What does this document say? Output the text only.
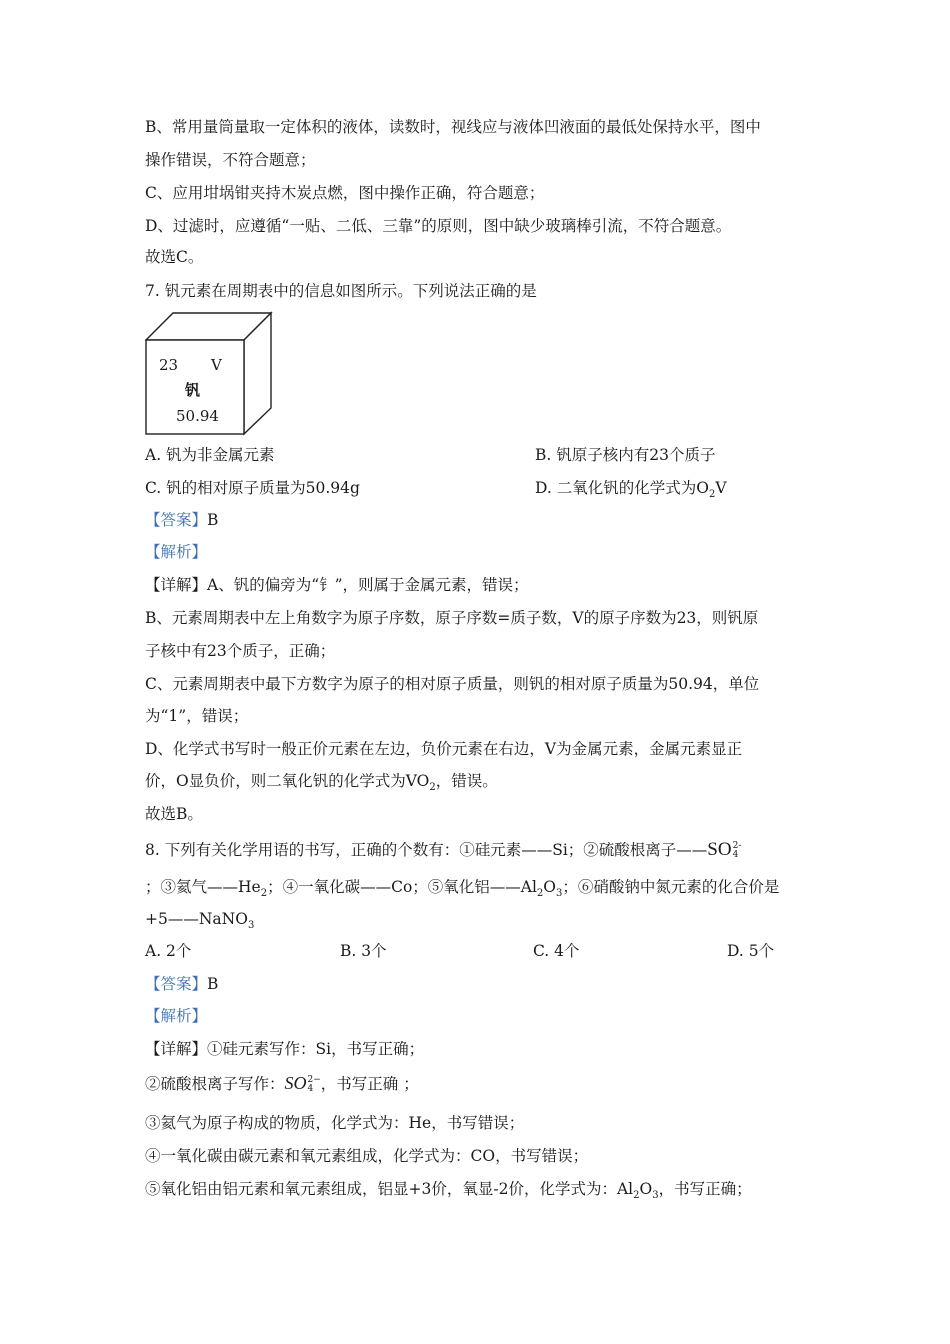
B、常用量筒量取一定体积的液体，读数时，视线应与液体凹液面的最低处保持水平，图中
操作错误，不符合题意；
C、应用坩埚钳夹持木炭点燃，图中操作正确，符合题意；
D、过滤时，应遵循“一贴、二低、三靠”的原则，图中缺少玻璃棒引流，不符合题意。
故选C。
7. 钒元素在周期表中的信息如图所示。下列说法正确的是
23 V
钒
50.94
A. 钒为非金属元素	B. 钒原子核内有23个质子
C. 钒的相对原子质量为50.94g	D. 二氧化钒的化学式为$O_2V$
【答案】B
【解析】
【详解】A、钒的偏旁为“钅”，则属于金属元素，错误；
B、元素周期表中左上角数字为原子序数，原子序数=质子数，V的原子序数为23，则钒原
子核中有23个质子，正确；
C、元素周期表中最下方数字为原子的相对原子质量，则钒的相对原子质量为50.94，单位
为“1”，错误；
D、化学式书写时一般正价元素在左边，负价元素在右边，V为金属元素，金属元素显正
价，O显负价，则二氧化钒的化学式为$VO_2$，错误。
故选B。
8. 下列有关化学用语的书写，正确的个数有：①硅元素——Si；②硫酸根离子——SO 2-
4
；③氦气$——He_2$；④一氧化碳——Co；⑤氧化铝$——Al_2O_3$；⑥硝酸钠中氮元素的化合价是
+5——NaNO$_3$
A. 2个	B. 3个	C. 4个	D. 5个
【答案】B
【解析】
【详解】①硅元素写作：Si，书写正确；
②硫酸根离子写作：SO 2−
4 ，书写正确 ；
③氦气为原子构成的物质，化学式为：He，书写错误；
④一氧化碳由碳元素和氧元素组成，化学式为：CO，书写错误；
⑤氧化铝由铝元素和氧元素组成，铝显+3价，氧显-2价，化学式为：$Al_2O_3$，书写正确；
